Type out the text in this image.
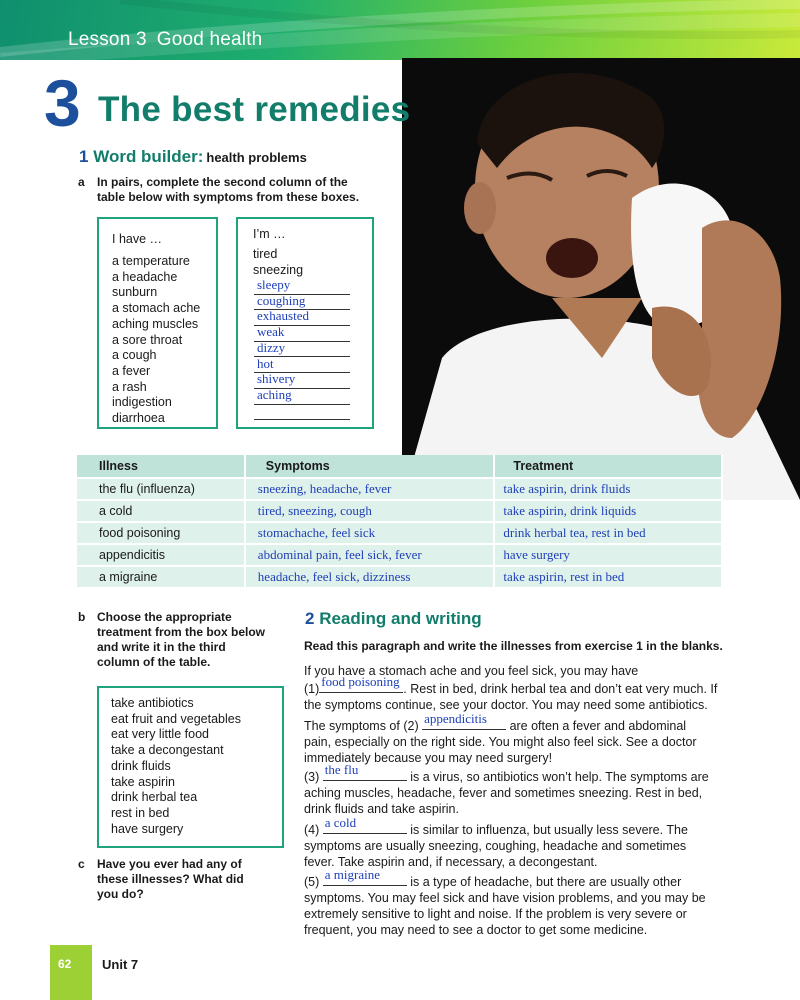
Lesson 3 Good health
3 The best remedies
1 Word builder: health problems
a In pairs, complete the second column of the
table below with symptoms from these boxes.
I have …
a temperature
a headache
sunburn
a stomach ache
aching muscles
a sore throat
a cough
a fever
a rash
indigestion
diarrhoea
I’m …
tired
sneezing
sleepy
coughing
exhausted
weak
dizzy
hot
shivery
aching
Illness	Symptoms	Treatment
the flu (influenza)	sneezing, headache, fever	take aspirin, drink fluids
a cold	tired, sneezing, cough	take aspirin, drink liquids
food poisoning	stomachache, feel sick	drink herbal tea, rest in bed
appendicitis	abdominal pain, feel sick, fever	have surgery
a migraine	headache, feel sick, dizziness	take aspirin, rest in bed
b Choose the appropriate
treatment from the box below
and write it in the third
column of the table.
take antibiotics
eat fruit and vegetables
eat very little food
take a decongestant
drink fluids
take aspirin
drink herbal tea
rest in bed
have surgery
c Have you ever had any of
these illnesses? What did
you do?
2 Reading and writing
Read this paragraph and write the illnesses from exercise 1 in the blanks.
If you have a stomach ache and you feel sick, you may have
(1) food poisoning . Rest in bed, drink herbal tea and don’t eat very much. If
the symptoms continue, see your doctor. You may need some antibiotics.
The symptoms of (2) appendicitis are often a fever and abdominal
pain, especially on the right side. You might also feel sick. See a doctor
immediately because you may need surgery!
(3) the flu	is a virus, so antibiotics won’t help. The symptoms are
aching muscles, headache, fever and sometimes sneezing. Rest in bed,
drink fluids and take aspirin.
(4) a cold	is similar to influenza, but usually less severe. The
symptoms are usually sneezing, coughing, headache and sometimes
fever. Take aspirin and, if necessary, a decongestant.
(5) a migraine is a type of headache, but there are usually other
symptoms. You may feel sick and have vision problems, and you may be
extremely sensitive to light and noise. If the problem is very severe or
frequent, you may need to see a doctor to get some medicine.
62 Unit 7
